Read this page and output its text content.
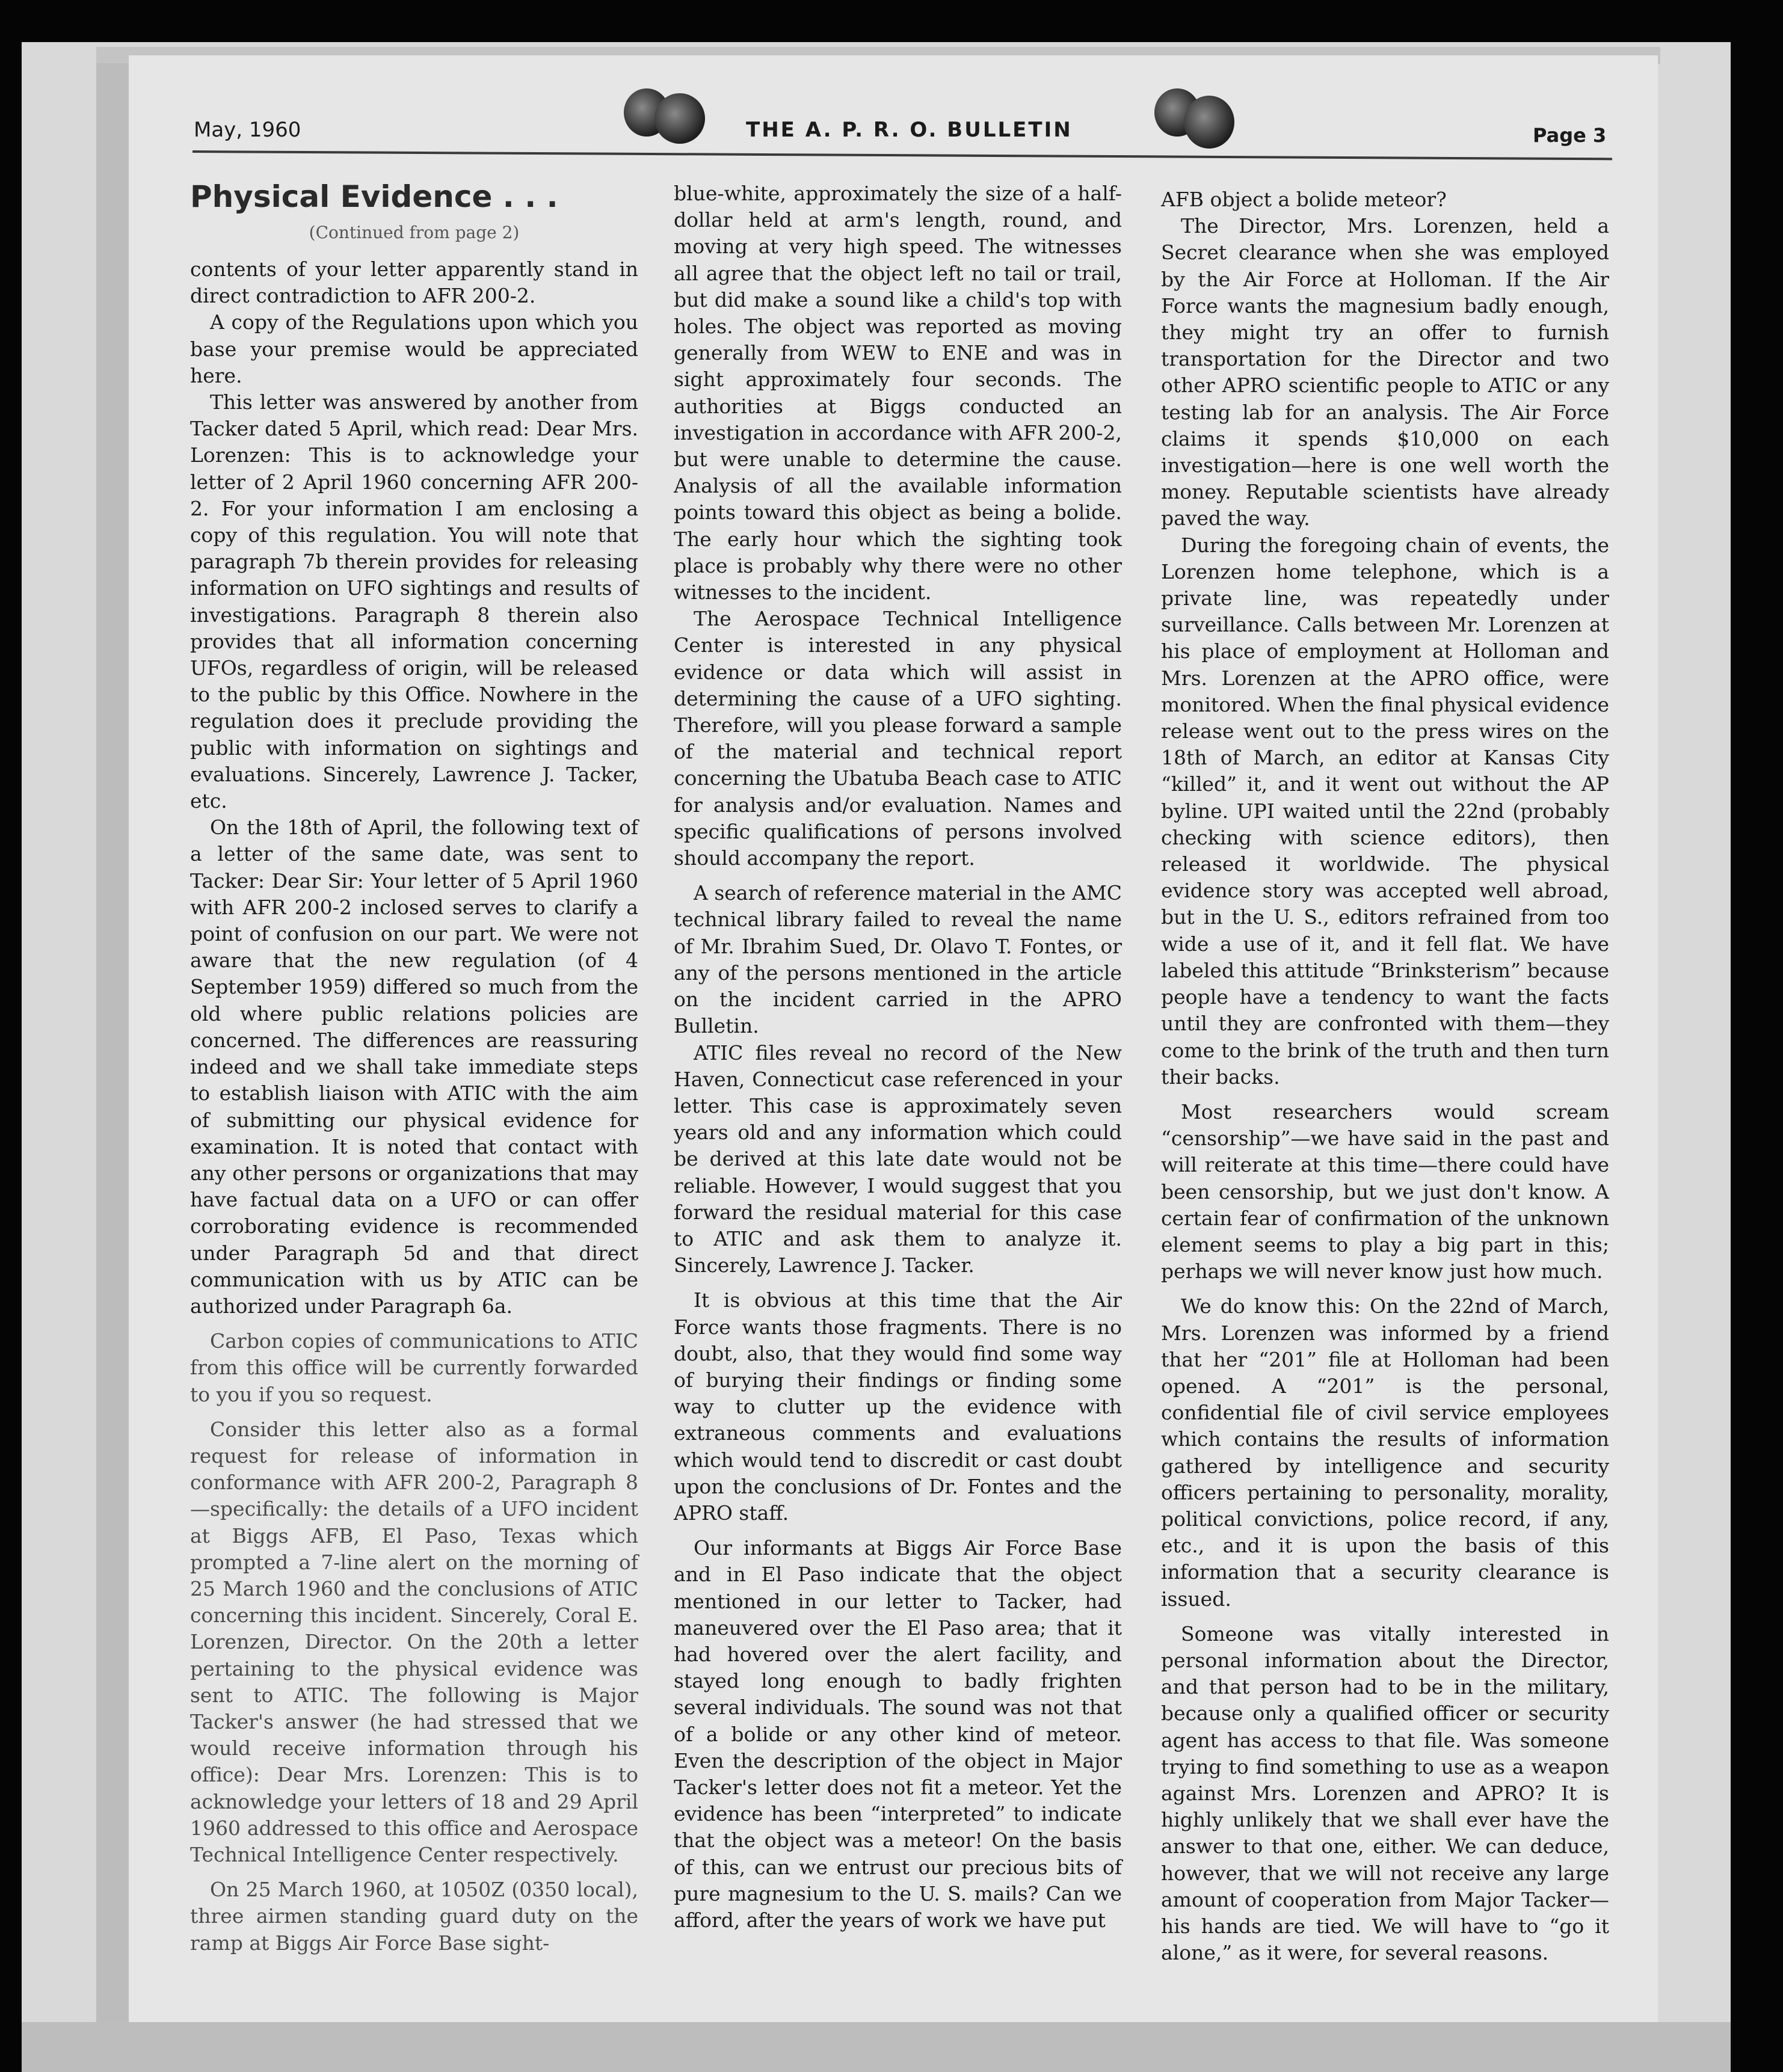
May, 1960	THE A. P. R. O. BULLETIN	Page 3
Physical Evidence . . .
(Continued from page 2)

contents of your letter apparently stand in direct contradiction to AFR 200-2.

A copy of the Regulations upon which you base your premise would be appreciated here.

This letter was answered by another from Tacker dated 5 April, which read: Dear Mrs. Lorenzen: This is to acknowledge your letter of 2 April 1960 concerning AFR 200-2. For your information I am enclosing a copy of this regulation. You will note that paragraph 7b therein provides for releasing information on UFO sightings and results of investigations. Paragraph 8 therein also provides that all information concerning UFOs, regardless of origin, will be released to the public by this Office. Nowhere in the regulation does it preclude providing the public with information on sightings and evaluations. Sincerely, Lawrence J. Tacker, etc.

On the 18th of April, the following text of a letter of the same date, was sent to Tacker: Dear Sir: Your letter of 5 April 1960 with AFR 200-2 inclosed serves to clarify a point of confusion on our part. We were not aware that the new regulation (of 4 September 1959) differed so much from the old where public relations policies are concerned. The differences are reassuring indeed and we shall take immediate steps to establish liaison with ATIC with the aim of submitting our physical evidence for examination. It is noted that contact with any other persons or organizations that may have factual data on a UFO or can offer corroborating evidence is recommended under Paragraph 5d and that direct communication with us by ATIC can be authorized under Paragraph 6a.

Carbon copies of communications to ATIC from this office will be currently forwarded to you if you so request.

Consider this letter also as a formal request for release of information in conformance with AFR 200-2, Paragraph 8—specifically: the details of a UFO incident at Biggs AFB, El Paso, Texas which prompted a 7-line alert on the morning of 25 March 1960 and the conclusions of ATIC concerning this incident. Sincerely, Coral E. Lorenzen, Director. On the 20th a letter pertaining to the physical evidence was sent to ATIC. The following is Major Tacker's answer (he had stressed that we would receive information through his office): Dear Mrs. Lorenzen: This is to acknowledge your letters of 18 and 29 April 1960 addressed to this office and Aerospace Technical Intelligence Center respectively.

On 25 March 1960, at 1050Z (0350 local), three airmen standing guard duty on the ramp at Biggs Air Force Base sight-

blue-white, approximately the size of a half-dollar held at arm's length, round, and moving at very high speed. The witnesses all agree that the object left no tail or trail, but did make a sound like a child's top with holes. The object was reported as moving generally from WEW to ENE and was in sight approximately four seconds. The authorities at Biggs conducted an investigation in accordance with AFR 200-2, but were unable to determine the cause. Analysis of all the available information points toward this object as being a bolide. The early hour which the sighting took place is probably why there were no other witnesses to the incident.

The Aerospace Technical Intelligence Center is interested in any physical evidence or data which will assist in determining the cause of a UFO sighting. Therefore, will you please forward a sample of the material and technical report concerning the Ubatuba Beach case to ATIC for analysis and/or evaluation. Names and specific qualifications of persons involved should accompany the report.

A search of reference material in the AMC technical library failed to reveal the name of Mr. Ibrahim Sued, Dr. Olavo T. Fontes, or any of the persons mentioned in the article on the incident carried in the APRO Bulletin.

ATIC files reveal no record of the New Haven, Connecticut case referenced in your letter. This case is approximately seven years old and any information which could be derived at this late date would not be reliable. However, I would suggest that you forward the residual material for this case to ATIC and ask them to analyze it. Sincerely, Lawrence J. Tacker.

It is obvious at this time that the Air Force wants those fragments. There is no doubt, also, that they would find some way of burying their findings or finding some way to clutter up the evidence with extraneous comments and evaluations which would tend to discredit or cast doubt upon the conclusions of Dr. Fontes and the APRO staff.

Our informants at Biggs Air Force Base and in El Paso indicate that the object mentioned in our letter to Tacker, had maneuvered over the El Paso area; that it had hovered over the alert facility, and stayed long enough to badly frighten several individuals. The sound was not that of a bolide or any other kind of meteor. Even the description of the object in Major Tacker's letter does not fit a meteor. Yet the evidence has been “interpreted” to indicate that the object was a meteor! On the basis of this, can we entrust our precious bits of pure magnesium to the U. S. mails? Can we afford, after the years of work we have put

AFB object a bolide meteor?

The Director, Mrs. Lorenzen, held a Secret clearance when she was employed by the Air Force at Holloman. If the Air Force wants the magnesium badly enough, they might try an offer to furnish transportation for the Director and two other APRO scientific people to ATIC or any testing lab for an analysis. The Air Force claims it spends $10,000 on each investigation—here is one well worth the money. Reputable scientists have already paved the way.

During the foregoing chain of events, the Lorenzen home telephone, which is a private line, was repeatedly under surveillance. Calls between Mr. Lorenzen at his place of employment at Holloman and Mrs. Lorenzen at the APRO office, were monitored. When the final physical evidence release went out to the press wires on the 18th of March, an editor at Kansas City “killed” it, and it went out without the AP byline. UPI waited until the 22nd (probably checking with science editors), then released it worldwide. The physical evidence story was accepted well abroad, but in the U. S., editors refrained from too wide a use of it, and it fell flat. We have labeled this attitude “Brinksterism” because people have a tendency to want the facts until they are confronted with them—they come to the brink of the truth and then turn their backs.

Most researchers would scream “censorship”—we have said in the past and will reiterate at this time—there could have been censorship, but we just don't know. A certain fear of confirmation of the unknown element seems to play a big part in this; perhaps we will never know just how much.

We do know this: On the 22nd of March, Mrs. Lorenzen was informed by a friend that her “201” file at Holloman had been opened. A “201” is the personal, confidential file of civil service employees which contains the results of information gathered by intelligence and security officers pertaining to personality, morality, political convictions, police record, if any, etc., and it is upon the basis of this information that a security clearance is issued.

Someone was vitally interested in personal information about the Director, and that person had to be in the military, because only a qualified officer or security agent has access to that file. Was someone trying to find something to use as a weapon against Mrs. Lorenzen and APRO? It is highly unlikely that we shall ever have the answer to that one, either. We can deduce, however, that we will not receive any large amount of cooperation from Major Tacker—his hands are tied. We will have to “go it alone,” as it were, for several reasons.
